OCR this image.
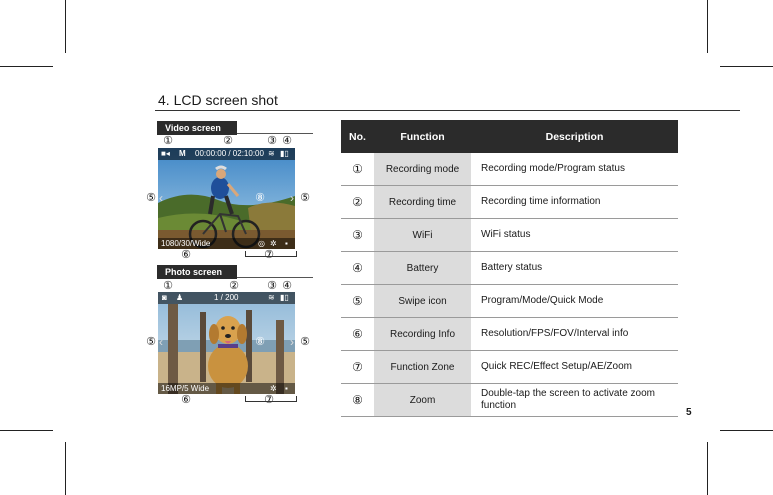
4. LCD screen shot
Video screen
①	②	③ ④
⑤	⑤
⑥	⑦
■◂ M 00:00:00 / 02:10:00 ≋ ▮▯
‹	›
1080/30/Wide	◎ ✲ ▪
⑧
Photo screen
①	②	③ ④
⑤	⑤
⑥	⑦
◙ ♟	1 / 200	≋ ▮▯
‹	›
16MP/5 Wide	✲ ▪
⑧
No.	Function	Description
①	Recording mode	Recording mode/Program status
②	Recording time	Recording time information
③	WiFi	WiFi status
④	Battery	Battery status
⑤	Swipe icon	Program/Mode/Quick Mode
⑥	Recording Info	Resolution/FPS/FOV/Interval info
⑦	Function Zone	Quick REC/Effect Setup/AE/Zoom
⑧	Zoom	Double-tap the screen to activate zoom function
5
